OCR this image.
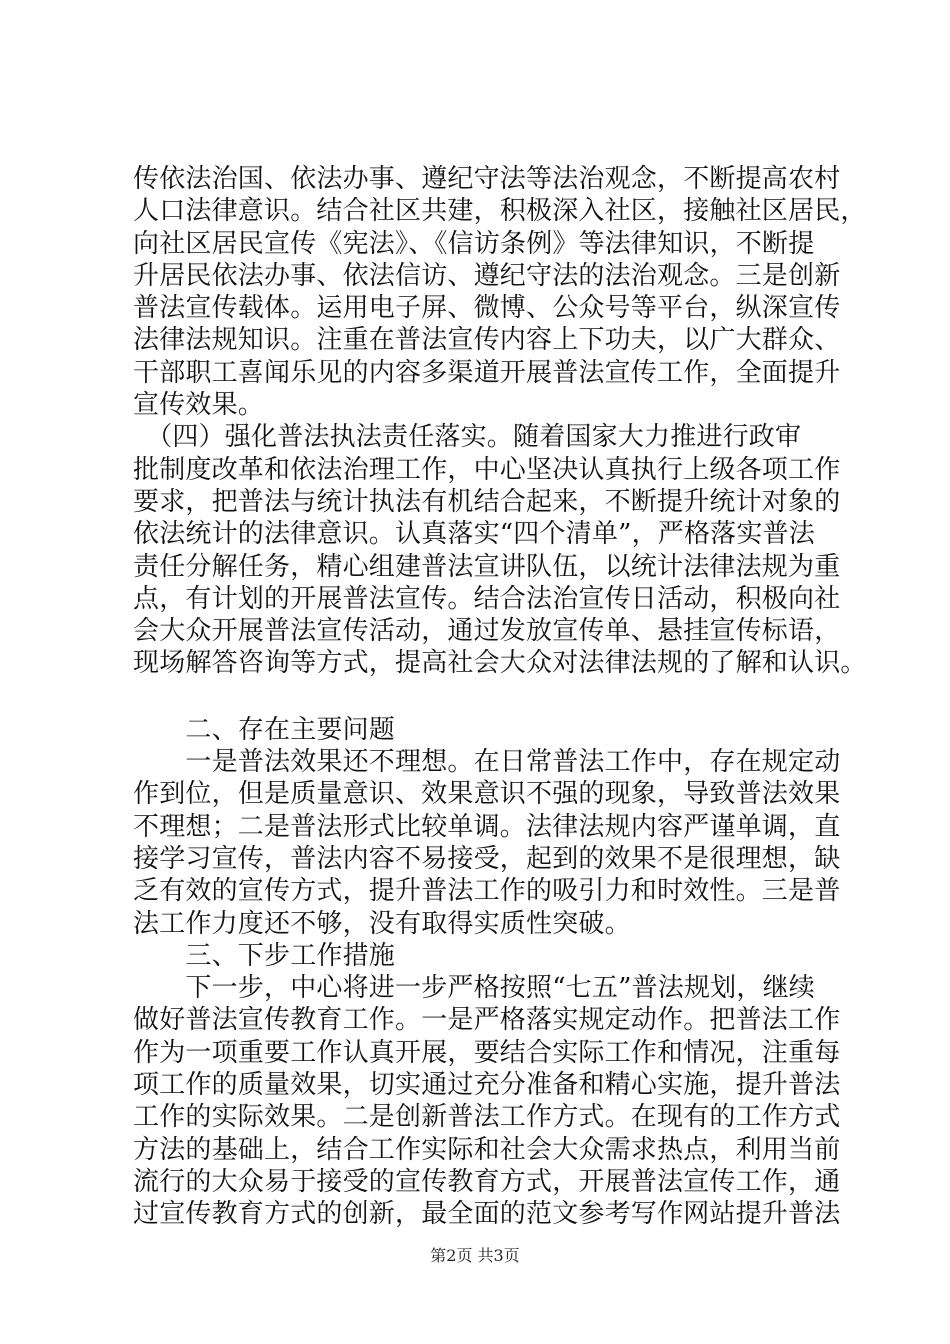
传依法治国、依法办事、遵纪守法等法治观念，不断提高农村
人口法律意识。结合社区共建，积极深入社区，接触社区居民，
向社区居民宣传《宪法》、《信访条例》等法律知识，不断提
升居民依法办事、依法信访、遵纪守法的法治观念。三是创新
普法宣传载体。运用电子屏、微博、公众号等平台，纵深宣传
法律法规知识。注重在普法宣传内容上下功夫，以广大群众、
干部职工喜闻乐见的内容多渠道开展普法宣传工作，全面提升
宣传效果。
　（四）强化普法执法责任落实。随着国家大力推进行政审
批制度改革和依法治理工作，中心坚决认真执行上级各项工作
要求，把普法与统计执法有机结合起来，不断提升统计对象的
依法统计的法律意识。认真落实“四个清单”，严格落实普法
责任分解任务，精心组建普法宣讲队伍，以统计法律法规为重
点，有计划的开展普法宣传。结合法治宣传日活动，积极向社
会大众开展普法宣传活动，通过发放宣传单、悬挂宣传标语，
现场解答咨询等方式，提高社会大众对法律法规的了解和认识。
　　二、存在主要问题
　　一是普法效果还不理想。在日常普法工作中，存在规定动
作到位，但是质量意识、效果意识不强的现象，导致普法效果
不理想；二是普法形式比较单调。法律法规内容严谨单调，直
接学习宣传，普法内容不易接受，起到的效果不是很理想，缺
乏有效的宣传方式，提升普法工作的吸引力和时效性。三是普
法工作力度还不够，没有取得实质性突破。
　　三、下步工作措施
　　下一步，中心将进一步严格按照“七五”普法规划，继续
做好普法宣传教育工作。一是严格落实规定动作。把普法工作
作为一项重要工作认真开展，要结合实际工作和情况，注重每
项工作的质量效果，切实通过充分准备和精心实施，提升普法
工作的实际效果。二是创新普法工作方式。在现有的工作方式
方法的基础上，结合工作实际和社会大众需求热点，利用当前
流行的大众易于接受的宣传教育方式，开展普法宣传工作，通
过宣传教育方式的创新，最全面的范文参考写作网站提升普法
第2页 共3页
